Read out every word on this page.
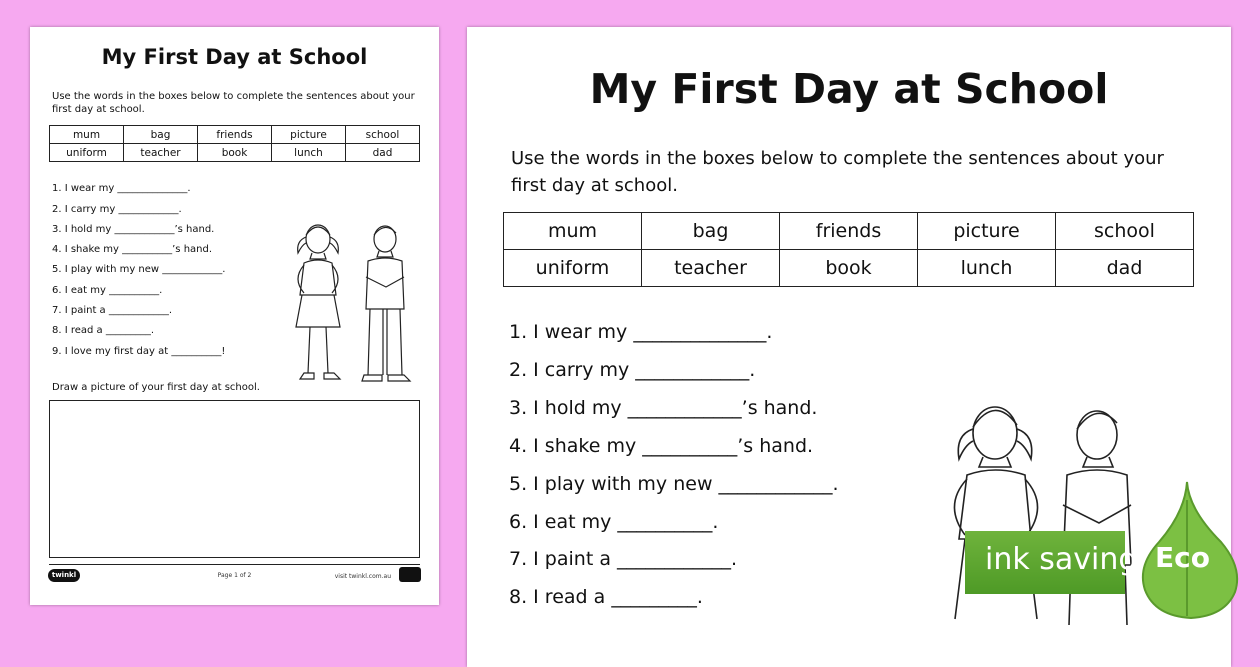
My First Day at School
Use the words in the boxes below to complete the sentences about your first day at school.
mum	bag	friends	picture	school
uniform	teacher	book	lunch	dad
1. I wear my ______________.
2. I carry my ____________.
3. I hold my ____________’s hand.
4. I shake my __________’s hand.
5. I play with my new ____________.
6. I eat my __________.
7. I paint a ____________.
8. I read a _________.
9. I love my first day at __________!
Draw a picture of your first day at school.
twinkl	Page 1 of 2	visit twinkl.com.au
My First Day at School
Use the words in the boxes below to complete the sentences about your first day at school.
mum	bag	friends	picture	school
uniform	teacher	book	lunch	dad
1. I wear my ______________.
2. I carry my ____________.
3. I hold my ____________’s hand.
4. I shake my __________’s hand.
5. I play with my new ____________.
6. I eat my __________.
7. I paint a ____________.
8. I read a _________.
ink saving Eco
